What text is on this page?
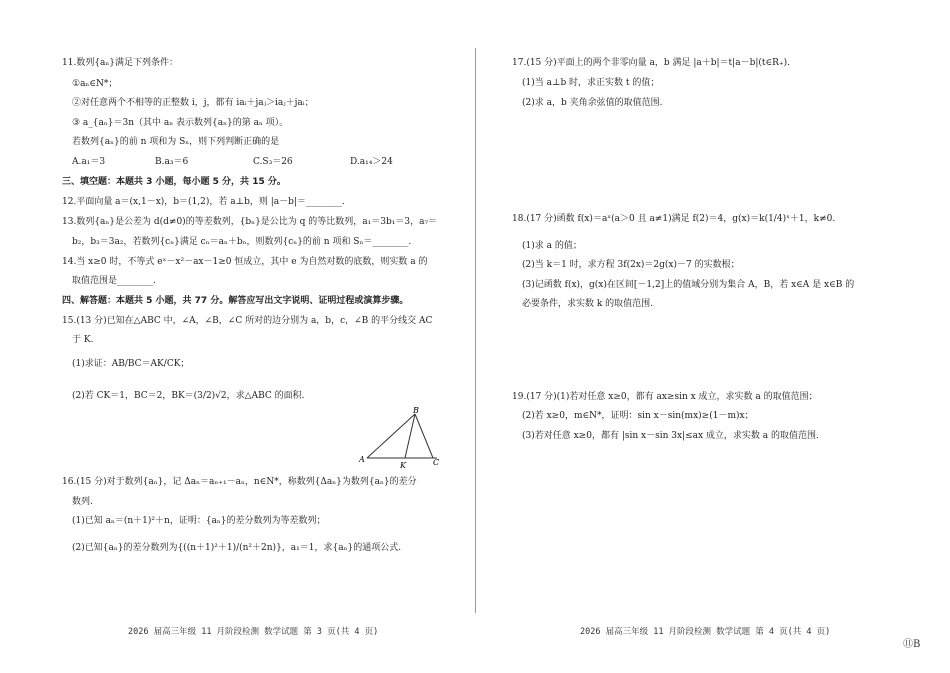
11.数列{aₙ}满足下列条件：
①aₙ∈N*；
②对任意两个不相等的正整数 i，j，都有 iaᵢ＋jaⱼ＞iaⱼ＋jaᵢ；
③ a_{aₙ}＝3n（其中 aₙ 表示数列{aₙ}的第 aₙ 项）。
若数列{aₙ}的前 n 项和为 Sₙ，则下列判断正确的是
A.a₁＝3	B.a₃＝6	C.S₃＝26	D.a₁₄＞24
三、填空题：本题共 3 小题，每小题 5 分，共 15 分。
12.平面向量 a＝(x,1－x)，b＝(1,2)，若 a⊥b，则 |a－b|＝________.
13.数列{aₙ}是公差为 d(d≠0)的等差数列，{bₙ}是公比为 q 的等比数列，a₁＝3b₁＝3，a₇＝
b₂，b₃＝3a₂，若数列{cₙ}满足 cₙ＝aₙ＋bₙ，则数列{cₙ}的前 n 项和 Sₙ＝________.
14.当 x≥0 时，不等式 eˣ－x²－ax－1≥0 恒成立，其中 e 为自然对数的底数，则实数 a 的
取值范围是________.
四、解答题：本题共 5 小题，共 77 分。解答应写出文字说明、证明过程或演算步骤。
15.(13 分)已知在△ABC 中，∠A，∠B，∠C 所对的边分别为 a，b，c，∠B 的平分线交 AC
于 K.
(1)求证：AB/BC＝AK/CK；
(2)若 CK＝1，BC＝2，BK＝(3/2)√2，求△ABC 的面积.
A
B
C
K
16.(15 分)对于数列{aₙ}，记 Δaₙ＝aₙ₊₁－aₙ，n∈N*，称数列{Δaₙ}为数列{aₙ}的差分
数列.
(1)已知 aₙ＝(n＋1)²＋n，证明：{aₙ}的差分数列为等差数列；
(2)已知{aₙ}的差分数列为{((n＋1)²＋1)/(n²＋2n)}，a₁＝1，求{aₙ}的通项公式.
2026 届高三年级 11 月阶段检测 数学试题 第 3 页(共 4 页)
17.(15 分)平面上的两个非零向量 a，b 满足 |a＋b|＝t|a－b|(t∈R₊).
(1)当 a⊥b 时，求正实数 t 的值；
(2)求 a，b 夹角余弦值的取值范围.
18.(17 分)函数 f(x)＝aˣ(a＞0 且 a≠1)满足 f(2)＝4，g(x)＝k(1/4)ˣ＋1，k≠0.
(1)求 a 的值；
(2)当 k＝1 时，求方程 3f(2x)＝2g(x)－7 的实数根；
(3)记函数 f(x)，g(x)在区间[－1,2]上的值域分别为集合 A，B，若 x∈A 是 x∈B 的
必要条件，求实数 k 的取值范围.
19.(17 分)(1)若对任意 x≥0，都有 ax≥sin x 成立，求实数 a 的取值范围；
(2)若 x≥0，m∈N*，证明：sin x－sin(mx)≥(1－m)x；
(3)若对任意 x≥0，都有 |sin x－sin 3x|≤ax 成立，求实数 a 的取值范围.
2026 届高三年级 11 月阶段检测 数学试题 第 4 页(共 4 页)
⑪B
